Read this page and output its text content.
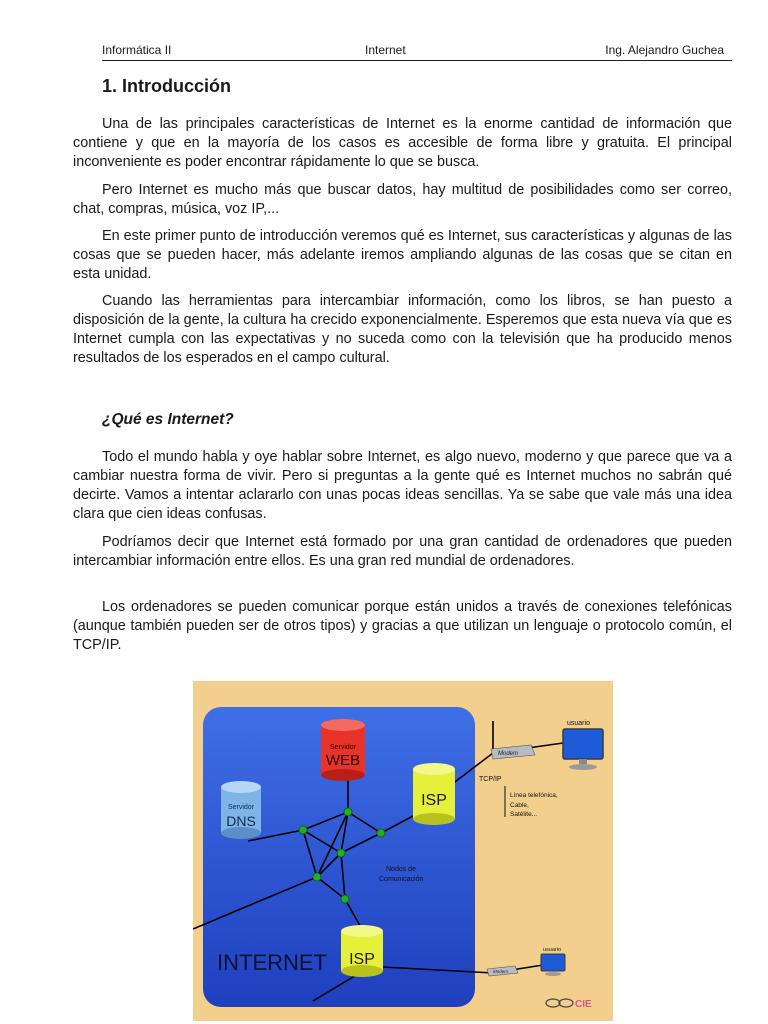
Informática II	Internet	Ing. Alejandro Guchea
1. Introducción

Una de las principales características de Internet es la enorme cantidad de información que contiene y que en la mayoría de los casos es accesible de forma libre y gratuita. El principal inconveniente es poder encontrar rápidamente lo que se busca.

Pero Internet es mucho más que buscar datos, hay multitud de posibilidades como ser correo, chat, compras, música, voz IP,...

En este primer punto de introducción veremos qué es Internet, sus características y algunas de las cosas que se pueden hacer, más adelante iremos ampliando algunas de las cosas que se citan en esta unidad.

Cuando las herramientas para intercambiar información, como los libros, se han puesto a disposición de la gente, la cultura ha crecido exponencialmente. Esperemos que esta nueva vía que es Internet cumpla con las expectativas y no suceda como con la televisión que ha producido menos resultados de los esperados en el campo cultural.

¿Qué es Internet?

Todo el mundo habla y oye hablar sobre Internet, es algo nuevo, moderno y que parece que va a cambiar nuestra forma de vivir. Pero si preguntas a la gente qué es Internet muchos no sabrán qué decirte. Vamos a intentar aclararlo con unas pocas ideas sencillas. Ya se sabe que vale más una idea clara que cien ideas confusas.

Podríamos decir que Internet está formado por una gran cantidad de ordenadores que pueden intercambiar información entre ellos. Es una gran red mundial de ordenadores.

Los ordenadores se pueden comunicar porque están unidos a través de conexiones telefónicas (aunque también pueden ser de otros tipos) y gracias a que utilizan un lenguaje o protocolo común, el TCP/IP.

Servidor
WEB
Servidor
DNS
ISP
ISP
Nodos de
Comunicación
INTERNET
Modem
TCP/IP
Línea telefónica,
Cable,
Satélite...
usuario
Modem
usuario
CIE
